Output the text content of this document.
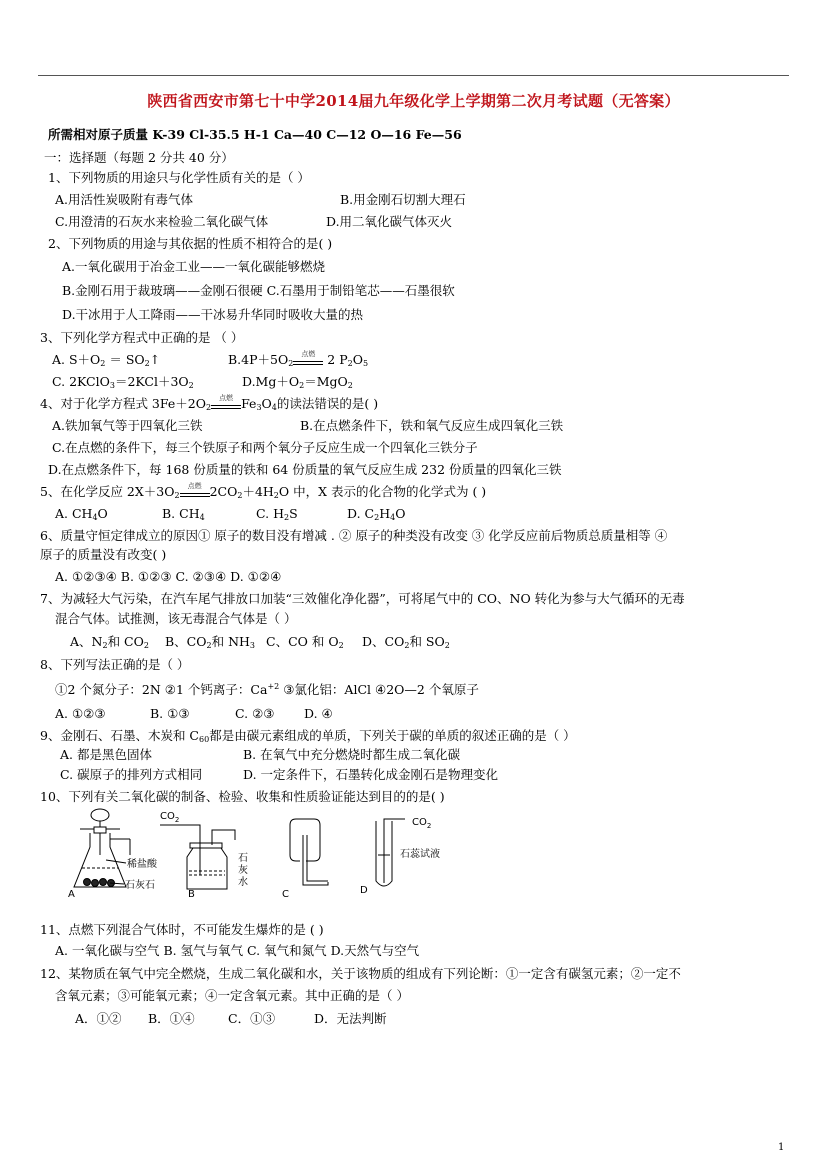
陕西省西安市第七十中学2014届九年级化学上学期第二次月考试题（无答案）
所需相对原子质量 K-39 Cl-35.5 H-1 Ca—40 C—12 O—16 Fe—56
一：选择题（每题 2 分共 40 分）
1、下列物质的用途只与化学性质有关的是（ ）
A.用活性炭吸附有毒气体	B.用金刚石切割大理石
C.用澄清的石灰水来检验二氧化碳气体	D.用二氧化碳气体灭火
2、下列物质的用途与其依据的性质不相符合的是( )
A.一氧化碳用于冶金工业——一氧化碳能够燃烧
B.金刚石用于裁玻璃——金刚石很硬 C.石墨用于制铅笔芯——石墨很软
D.干冰用于人工降雨——干冰易升华同时吸收大量的热
3、下列化学方程式中正确的是 （ ）
A. $S+O_2$ ＝ $SO_2↑$	$B.4P+5O_2$
点燃 2 $P_2O_5$
C. $2KClO_3=2KCl+3O_2$	$D.Mg+O_2=MgO_2$
4、对于化学方程式 $3Fe+2O_2$
点燃 $Fe_3O_4$的读法错误的是( )
A.铁加氧气等于四氧化三铁	B.在点燃条件下，铁和氧气反应生成四氧化三铁
C.在点燃的条件下，每三个铁原子和两个氧分子反应生成一个四氧化三铁分子
D.在点燃条件下，每 168 份质量的铁和 64 份质量的氧气反应生成 232 份质量的四氧化三铁
5、在化学反应 $2X+3O_2$
点燃 $2CO_2+4H_2O$ 中，X 表示的化合物的化学式为 ( )
A. $CH_4O$	B. $CH_4$	C. $H_2S$	D. $C_2H_4O$
6、质量守恒定律成立的原因① 原子的数目没有增减 . ② 原子的种类没有改变 ③ 化学反应前后物质总质量相等 ④
原子的质量没有改变( )
A. ①②③④ B. ①②③ C. ②③④ D. ①②④
7、为减轻大气污染，在汽车尾气排放口加装“三效催化净化器”，可将尾气中的 CO、NO 转化为参与大气循环的无毒
混合气体。试推测，该无毒混合气体是（ ）
A、$N_2$和 $CO_2$ B、$CO_2$和 $NH_3$ C、CO 和 $O_2$ D、$CO_2$和 $SO_2$
8、下列写法正确的是（ ）
①2 个氮分子：2N ②1 个钙离子：$Ca^{+2}$ ③氯化铝：AlCl ④2O—2 个氧原子
A. ①②③	B. ①③	C. ②③ D. ④
9、金刚石、石墨、木炭和 $C_{60}$都是由碳元素组成的单质，下列关于碳的单质的叙述正确的是（ ）
A. 都是黑色固体	B. 在氧气中充分燃烧时都生成二氧化碳
C. 碳原子的排列方式相同	D. 一定条件下，石墨转化成金刚石是物理变化
10、下列有关二氧化碳的制备、检验、收集和性质验证能达到目的的是( )
稀盐酸
石灰石
A
$CO_2$
石
灰
水
B	C
$CO_2$
石蕊试液
D
11、点燃下列混合气体时，不可能发生爆炸的是 ( )
A. 一氧化碳与空气 B. 氢气与氧气 C. 氧气和氮气 D.天然气与空气
12、某物质在氧气中完全燃烧，生成二氧化碳和水，关于该物质的组成有下列论断：①一定含有碳氢元素；②一定不
含氧元素；③可能氧元素；④一定含氧元素。其中正确的是（ ）
A．①② B．①④	C．①③	D．无法判断
1
